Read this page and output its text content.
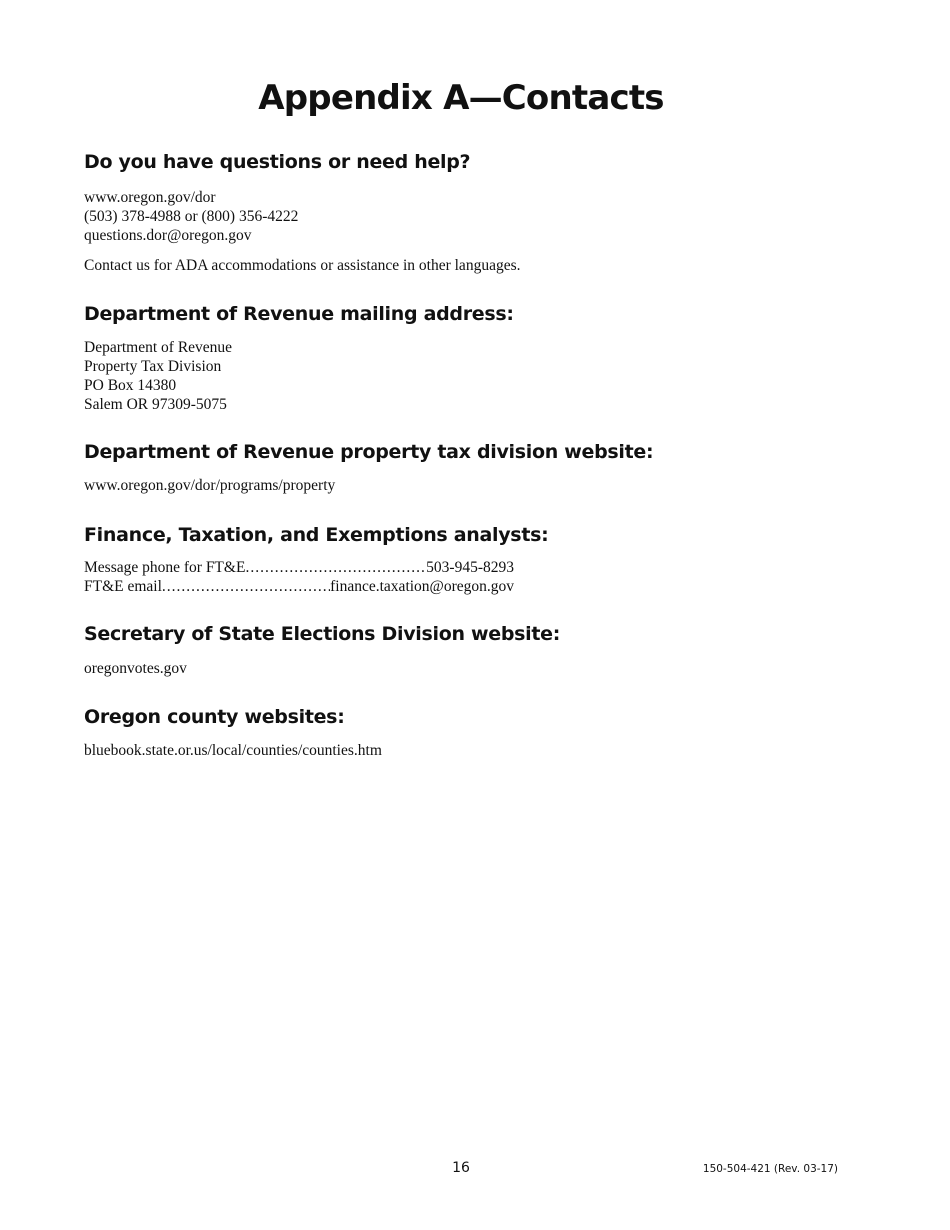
Appendix A—Contacts
Do you have questions or need help?
www.oregon.gov/dor
(503) 378-4988 or (800) 356-4222
questions.dor@oregon.gov
Contact us for ADA accommodations or assistance in other languages.
Department of Revenue mailing address:
Department of Revenue
Property Tax Division
PO Box 14380
Salem OR 97309-5075
Department of Revenue property tax division website:
www.oregon.gov/dor/programs/property
Finance, Taxation, and Exemptions analysts:
Message phone for FT&E .....	503-945-8293
FT&E email .....	finance.taxation@oregon.gov
Secretary of State Elections Division website:
oregonvotes.gov
Oregon county websites:
bluebook.state.or.us/local/counties/counties.htm
16	150-504-421 (Rev. 03-17)
